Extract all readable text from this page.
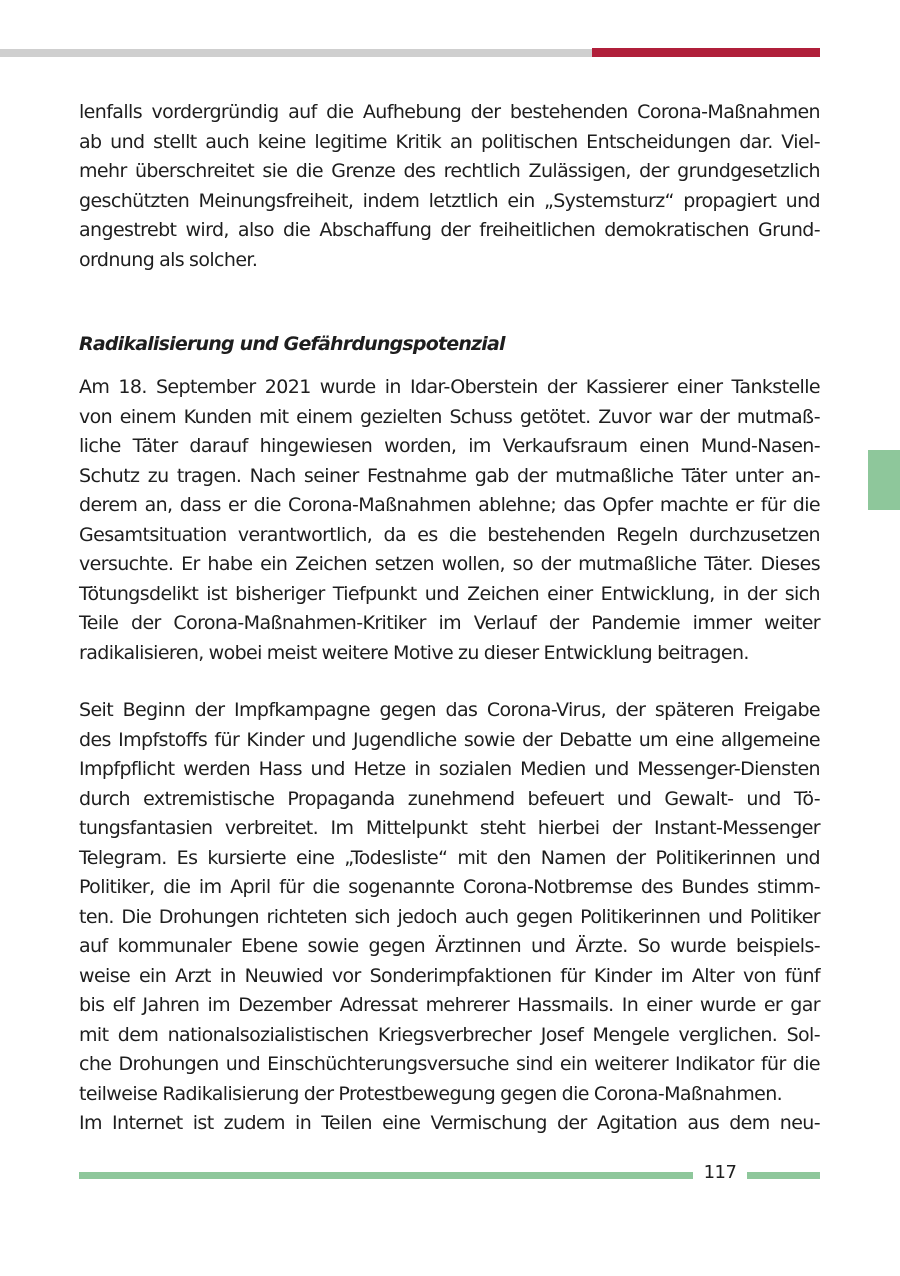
lenfalls vordergründig auf die Aufhebung der bestehenden Corona-Maßnahmen
ab und stellt auch keine legitime Kritik an politischen Entscheidungen dar. Viel-
mehr überschreitet sie die Grenze des rechtlich Zulässigen, der grundgesetzlich
geschützten Meinungsfreiheit, indem letztlich ein „Systemsturz“ propagiert und
angestrebt wird, also die Abschaffung der freiheitlichen demokratischen Grund-
ordnung als solcher.

Radikalisierung und Gefährdungspotenzial

Am 18. September 2021 wurde in Idar-Oberstein der Kassierer einer Tankstelle
von einem Kunden mit einem gezielten Schuss getötet. Zuvor war der mutmaß-
liche Täter darauf hingewiesen worden, im Verkaufsraum einen Mund-Nasen-
Schutz zu tragen. Nach seiner Festnahme gab der mutmaßliche Täter unter an-
derem an, dass er die Corona-Maßnahmen ablehne; das Opfer machte er für die
Gesamtsituation verantwortlich, da es die bestehenden Regeln durchzusetzen
versuchte. Er habe ein Zeichen setzen wollen, so der mutmaßliche Täter. Dieses
Tötungsdelikt ist bisheriger Tiefpunkt und Zeichen einer Entwicklung, in der sich
Teile der Corona-Maßnahmen-Kritiker im Verlauf der Pandemie immer weiter
radikalisieren, wobei meist weitere Motive zu dieser Entwicklung beitragen.

Seit Beginn der Impfkampagne gegen das Corona-Virus, der späteren Freigabe
des Impfstoffs für Kinder und Jugendliche sowie der Debatte um eine allgemeine
Impfpflicht werden Hass und Hetze in sozialen Medien und Messenger-Diensten
durch extremistische Propaganda zunehmend befeuert und Gewalt- und Tö-
tungsfantasien verbreitet. Im Mittelpunkt steht hierbei der Instant-Messenger
Telegram. Es kursierte eine „Todesliste“ mit den Namen der Politikerinnen und
Politiker, die im April für die sogenannte Corona-Notbremse des Bundes stimm-
ten. Die Drohungen richteten sich jedoch auch gegen Politikerinnen und Politiker
auf kommunaler Ebene sowie gegen Ärztinnen und Ärzte. So wurde beispiels-
weise ein Arzt in Neuwied vor Sonderimpfaktionen für Kinder im Alter von fünf
bis elf Jahren im Dezember Adressat mehrerer Hassmails. In einer wurde er gar
mit dem nationalsozialistischen Kriegsverbrecher Josef Mengele verglichen. Sol-
che Drohungen und Einschüchterungsversuche sind ein weiterer Indikator für die
teilweise Radikalisierung der Protestbewegung gegen die Corona-Maßnahmen.
Im Internet ist zudem in Teilen eine Vermischung der Agitation aus dem neu-

117
